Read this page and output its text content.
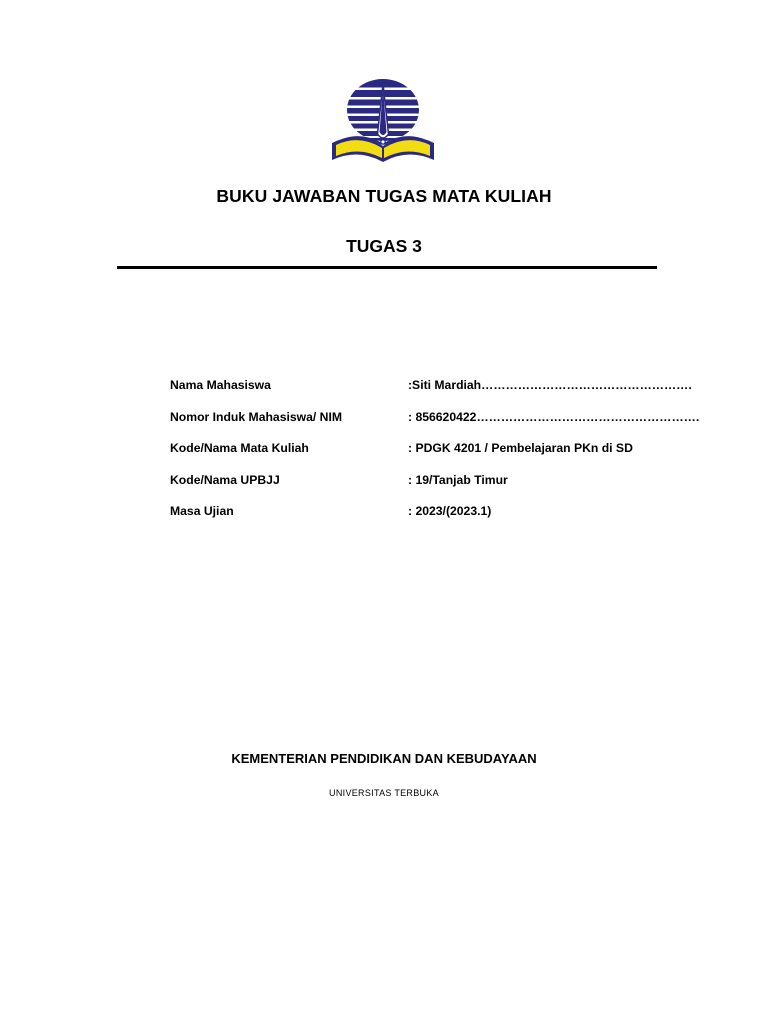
BUKU JAWABAN TUGAS MATA KULIAH
TUGAS 3
Nama Mahasiswa	:Siti Mardiah…………………………………………….
Nomor Induk Mahasiswa/ NIM	: 856620422……………………………………………….
Kode/Nama Mata Kuliah	: PDGK 4201 / Pembelajaran PKn di SD
Kode/Nama UPBJJ	: 19/Tanjab Timur
Masa Ujian	: 2023/(2023.1)
KEMENTERIAN PENDIDIKAN DAN KEBUDAYAAN
UNIVERSITAS TERBUKA
